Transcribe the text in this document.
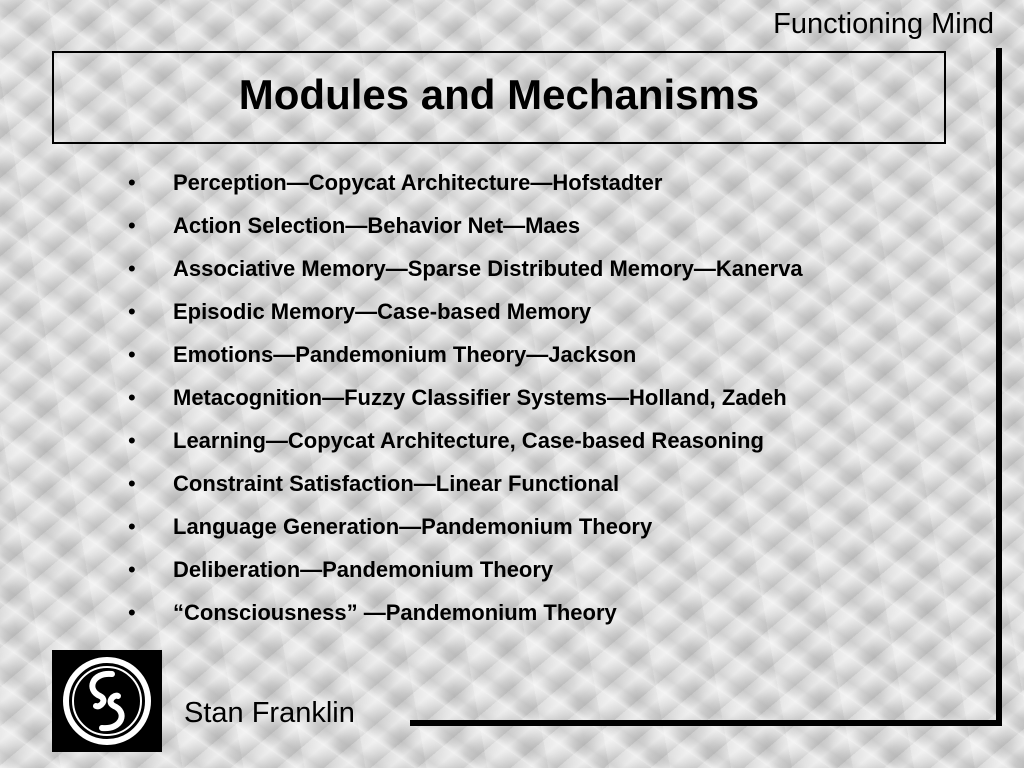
Functioning Mind
Modules and Mechanisms
•	Perception—Copycat Architecture—Hofstadter
•	Action Selection—Behavior Net—Maes
•	Associative Memory—Sparse Distributed Memory—Kanerva
•	Episodic Memory—Case-based Memory
•	Emotions—Pandemonium Theory—Jackson
•	Metacognition—Fuzzy Classifier Systems—Holland, Zadeh
•	Learning—Copycat Architecture, Case-based Reasoning
•	Constraint Satisfaction—Linear Functional
•	Language Generation—Pandemonium Theory
•	Deliberation—Pandemonium Theory
•	“Consciousness” —Pandemonium Theory
Stan Franklin
